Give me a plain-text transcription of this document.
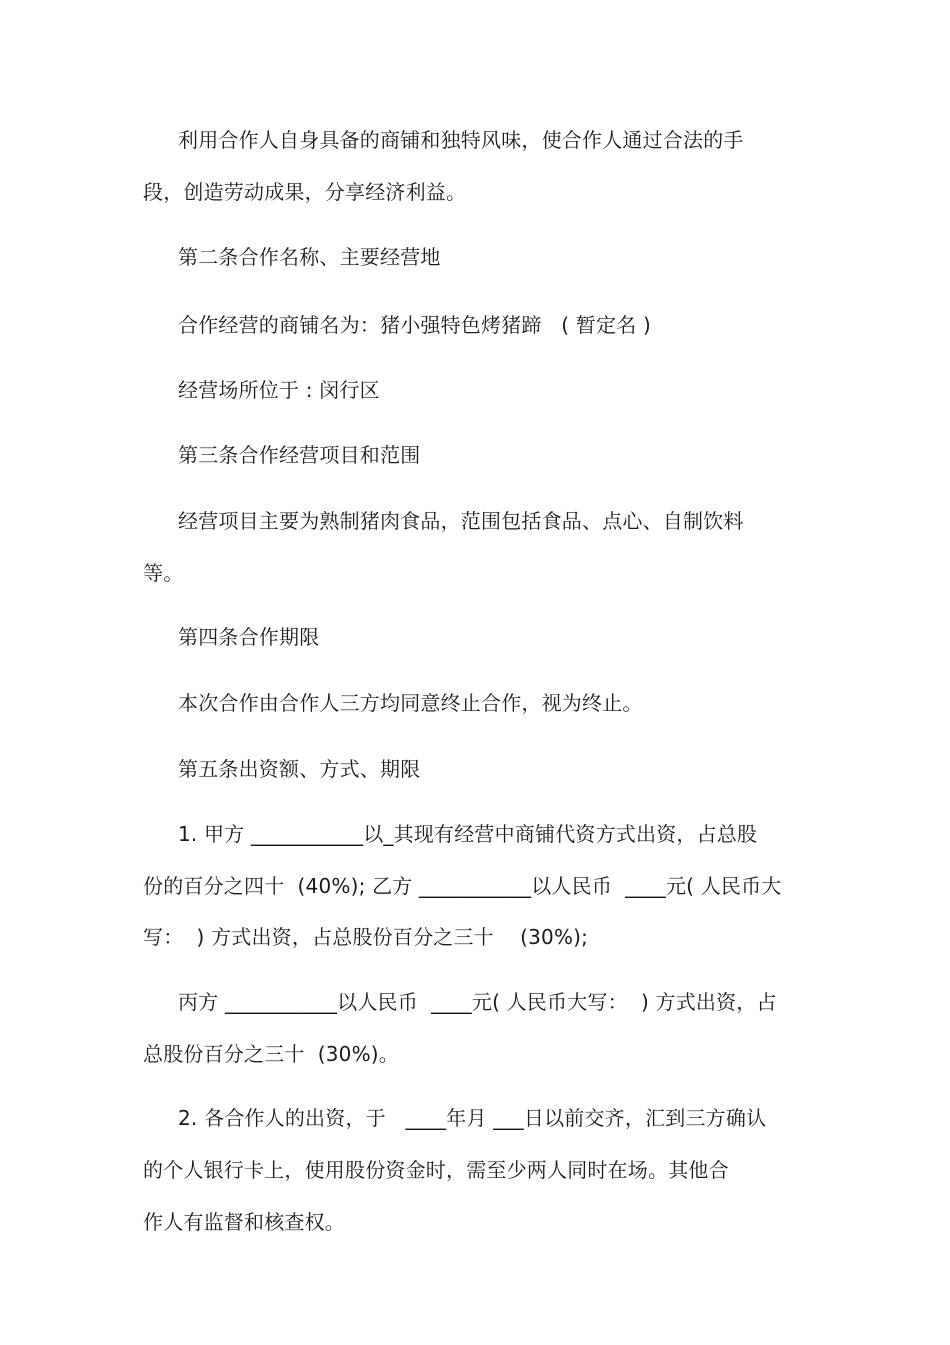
利用合作人自身具备的商铺和独特风味，使合作人通过合法的手
段，创造劳动成果，分享经济利益。
第二条合作名称、主要经营地
合作经营的商铺名为：猪小强特色烤猪蹄   ( 暂定名 )
经营场所位于 : 闵行区
第三条合作经营项目和范围
经营项目主要为熟制猪肉食品，范围包括食品、点心、自制饮料
等。
第四条合作期限
本次合作由合作人三方均同意终止合作，视为终止。
第五条出资额、方式、期限
1. 甲方 ___________以_其现有经营中商铺代资方式出资，占总股
份的百分之四十  (40%); 乙方 ___________以人民币  ____元( 人民币大
写：  ) 方式出资，占总股份百分之三十    (30%);
丙方 ___________以人民币  ____元( 人民币大写：  ) 方式出资，占
总股份百分之三十  (30%)。
2. 各合作人的出资，于   ____年月 ___日以前交齐，汇到三方确认
的个人银行卡上，使用股份资金时，需至少两人同时在场。其他合
作人有监督和核查权。
